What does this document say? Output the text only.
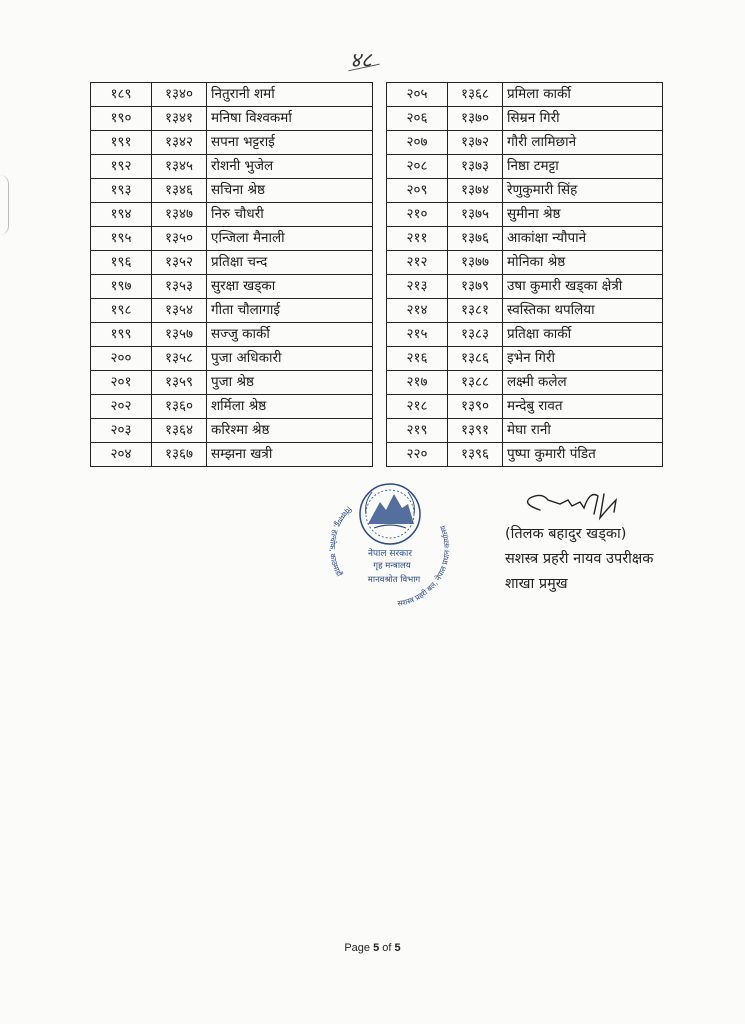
४८
१८९	१३४०	नितुरानी शर्मा
१९०	१३४१	मनिषा विश्वकर्मा
१९१	१३४२	सपना भट्टराई
१९२	१३४५	रोशनी भुजेल
१९३	१३४६	सचिना श्रेष्ठ
१९४	१३४७	निरु चौधरी
१९५	१३५०	एन्जिला मैनाली
१९६	१३५२	प्रतिक्षा चन्द
१९७	१३५३	सुरक्षा खड्का
१९८	१३५४	गीता चौलागाई
१९९	१३५७	सज्जु कार्की
२००	१३५८	पुजा अधिकारी
२०१	१३५९	पुजा श्रेष्ठ
२०२	१३६०	शर्मिला श्रेष्ठ
२०३	१३६४	करिश्मा श्रेष्ठ
२०४	१३६७	सम्झना खत्री
२०५	१३६८	प्रमिला कार्की
२०६	१३७०	सिम्रन गिरी
२०७	१३७२	गौरी लामिछाने
२०८	१३७३	निष्ठा टमट्टा
२०९	१३७४	रेणुकुमारी सिंह
२१०	१३७५	सुमीना श्रेष्ठ
२११	१३७६	आकांक्षा न्यौपाने
२१२	१३७७	मोनिका श्रेष्ठ
२१३	१३७९	उषा कुमारी खड्का क्षेत्री
२१४	१३८१	स्वस्तिका थपलिया
२१५	१३८३	प्रतिक्षा कार्की
२१६	१३८६	इभेन गिरी
२१७	१३८८	लक्ष्मी कलेल
२१८	१३९०	मन्देबु रावत
२१९	१३९१	मेघा रानी
२२०	१३९६	पुष्पा कुमारी पंडित
नेपाल सरकार
गृह मन्त्रालय
सशस्त्र प्रहरी बल, नेपाल प्रधान कार्यालय
मानवश्रोत विभाग
पिंचमण्डु, हल्चोक, काठमाडौं
(तिलक बहादुर खड्का)
सशस्त्र प्रहरी नायव उपरीक्षक
शाखा प्रमुख
Page 5 of 5
